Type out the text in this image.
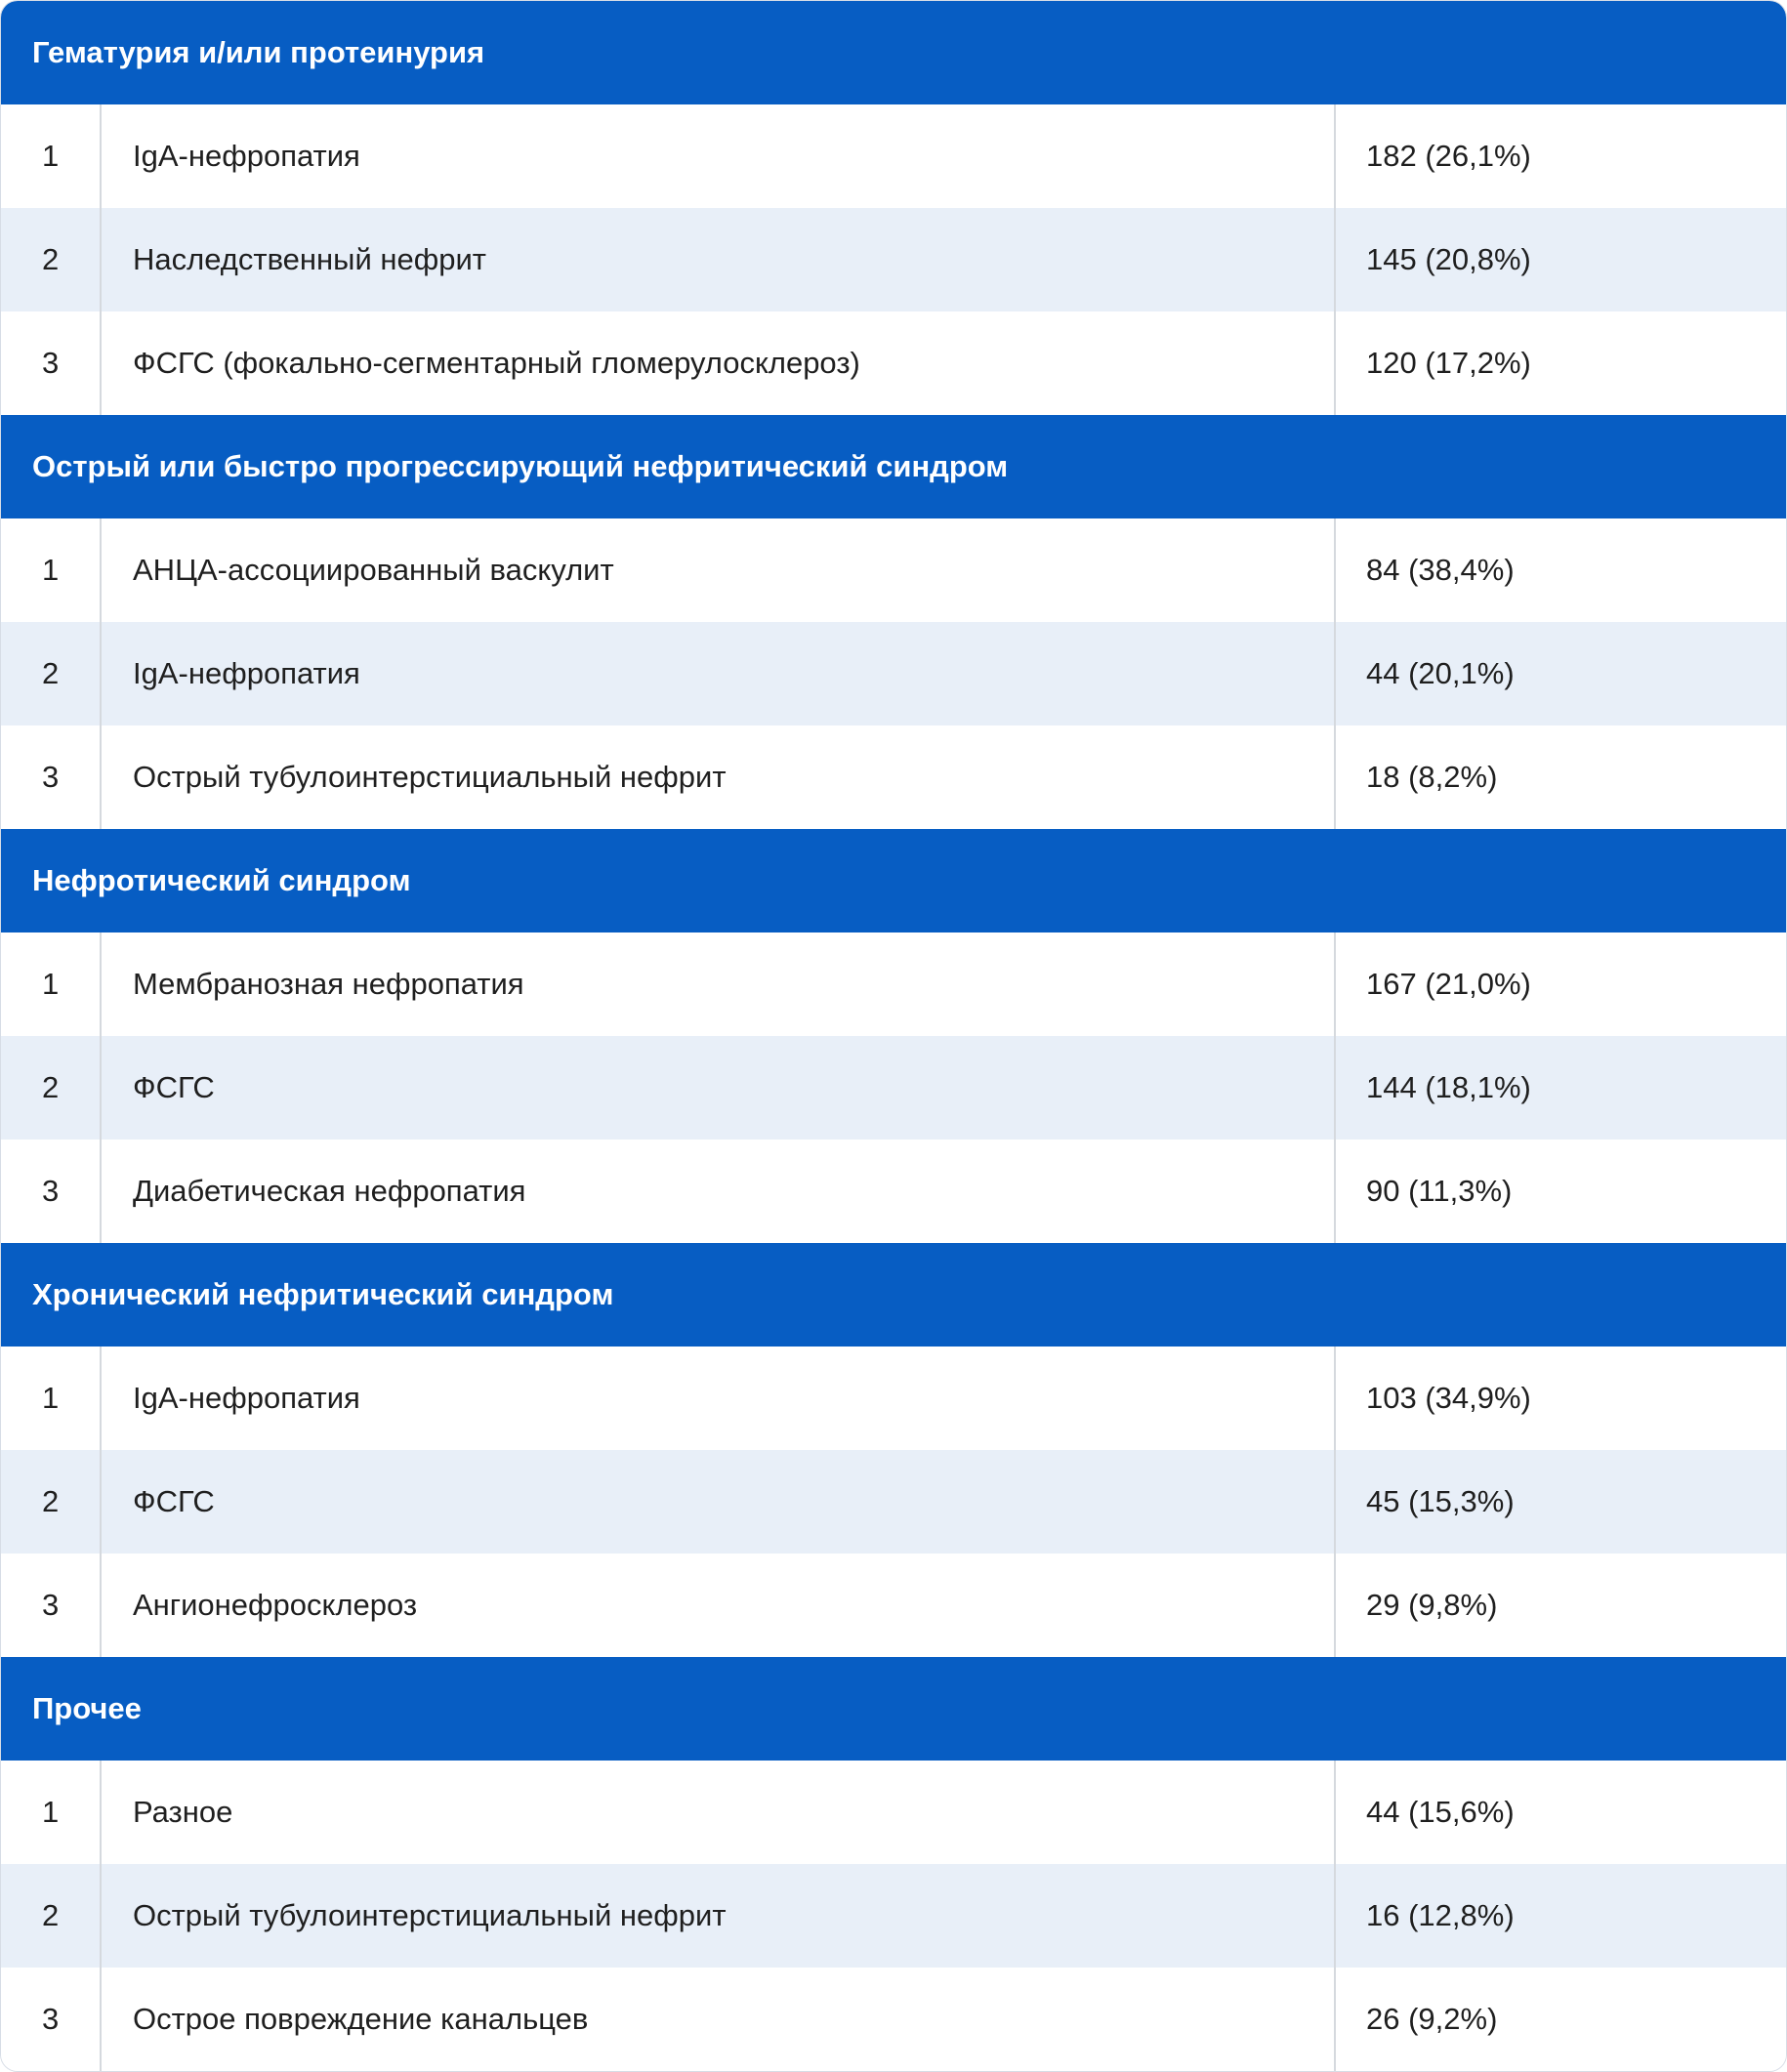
Гематурия и/или протеинурия
1	IgA-нефропатия	182 (26,1%)
2	Наследственный нефрит	145 (20,8%)
3	ФСГС (фокально-сегментарный гломерулосклероз)	120 (17,2%)
Острый или быстро прогрессирующий нефритический синдром
1	АНЦА-ассоциированный васкулит	84 (38,4%)
2	IgA-нефропатия	44 (20,1%)
3	Острый тубулоинтерстициальный нефрит	18 (8,2%)
Нефротический синдром
1	Мембранозная нефропатия	167 (21,0%)
2	ФСГС	144 (18,1%)
3	Диабетическая нефропатия	90 (11,3%)
Хронический нефритический синдром
1	IgA-нефропатия	103 (34,9%)
2	ФСГС	45 (15,3%)
3	Ангионефросклероз	29 (9,8%)
Прочее
1	Разное	44 (15,6%)
2	Острый тубулоинтерстициальный нефрит	16 (12,8%)
3	Острое повреждение канальцев	26 (9,2%)
